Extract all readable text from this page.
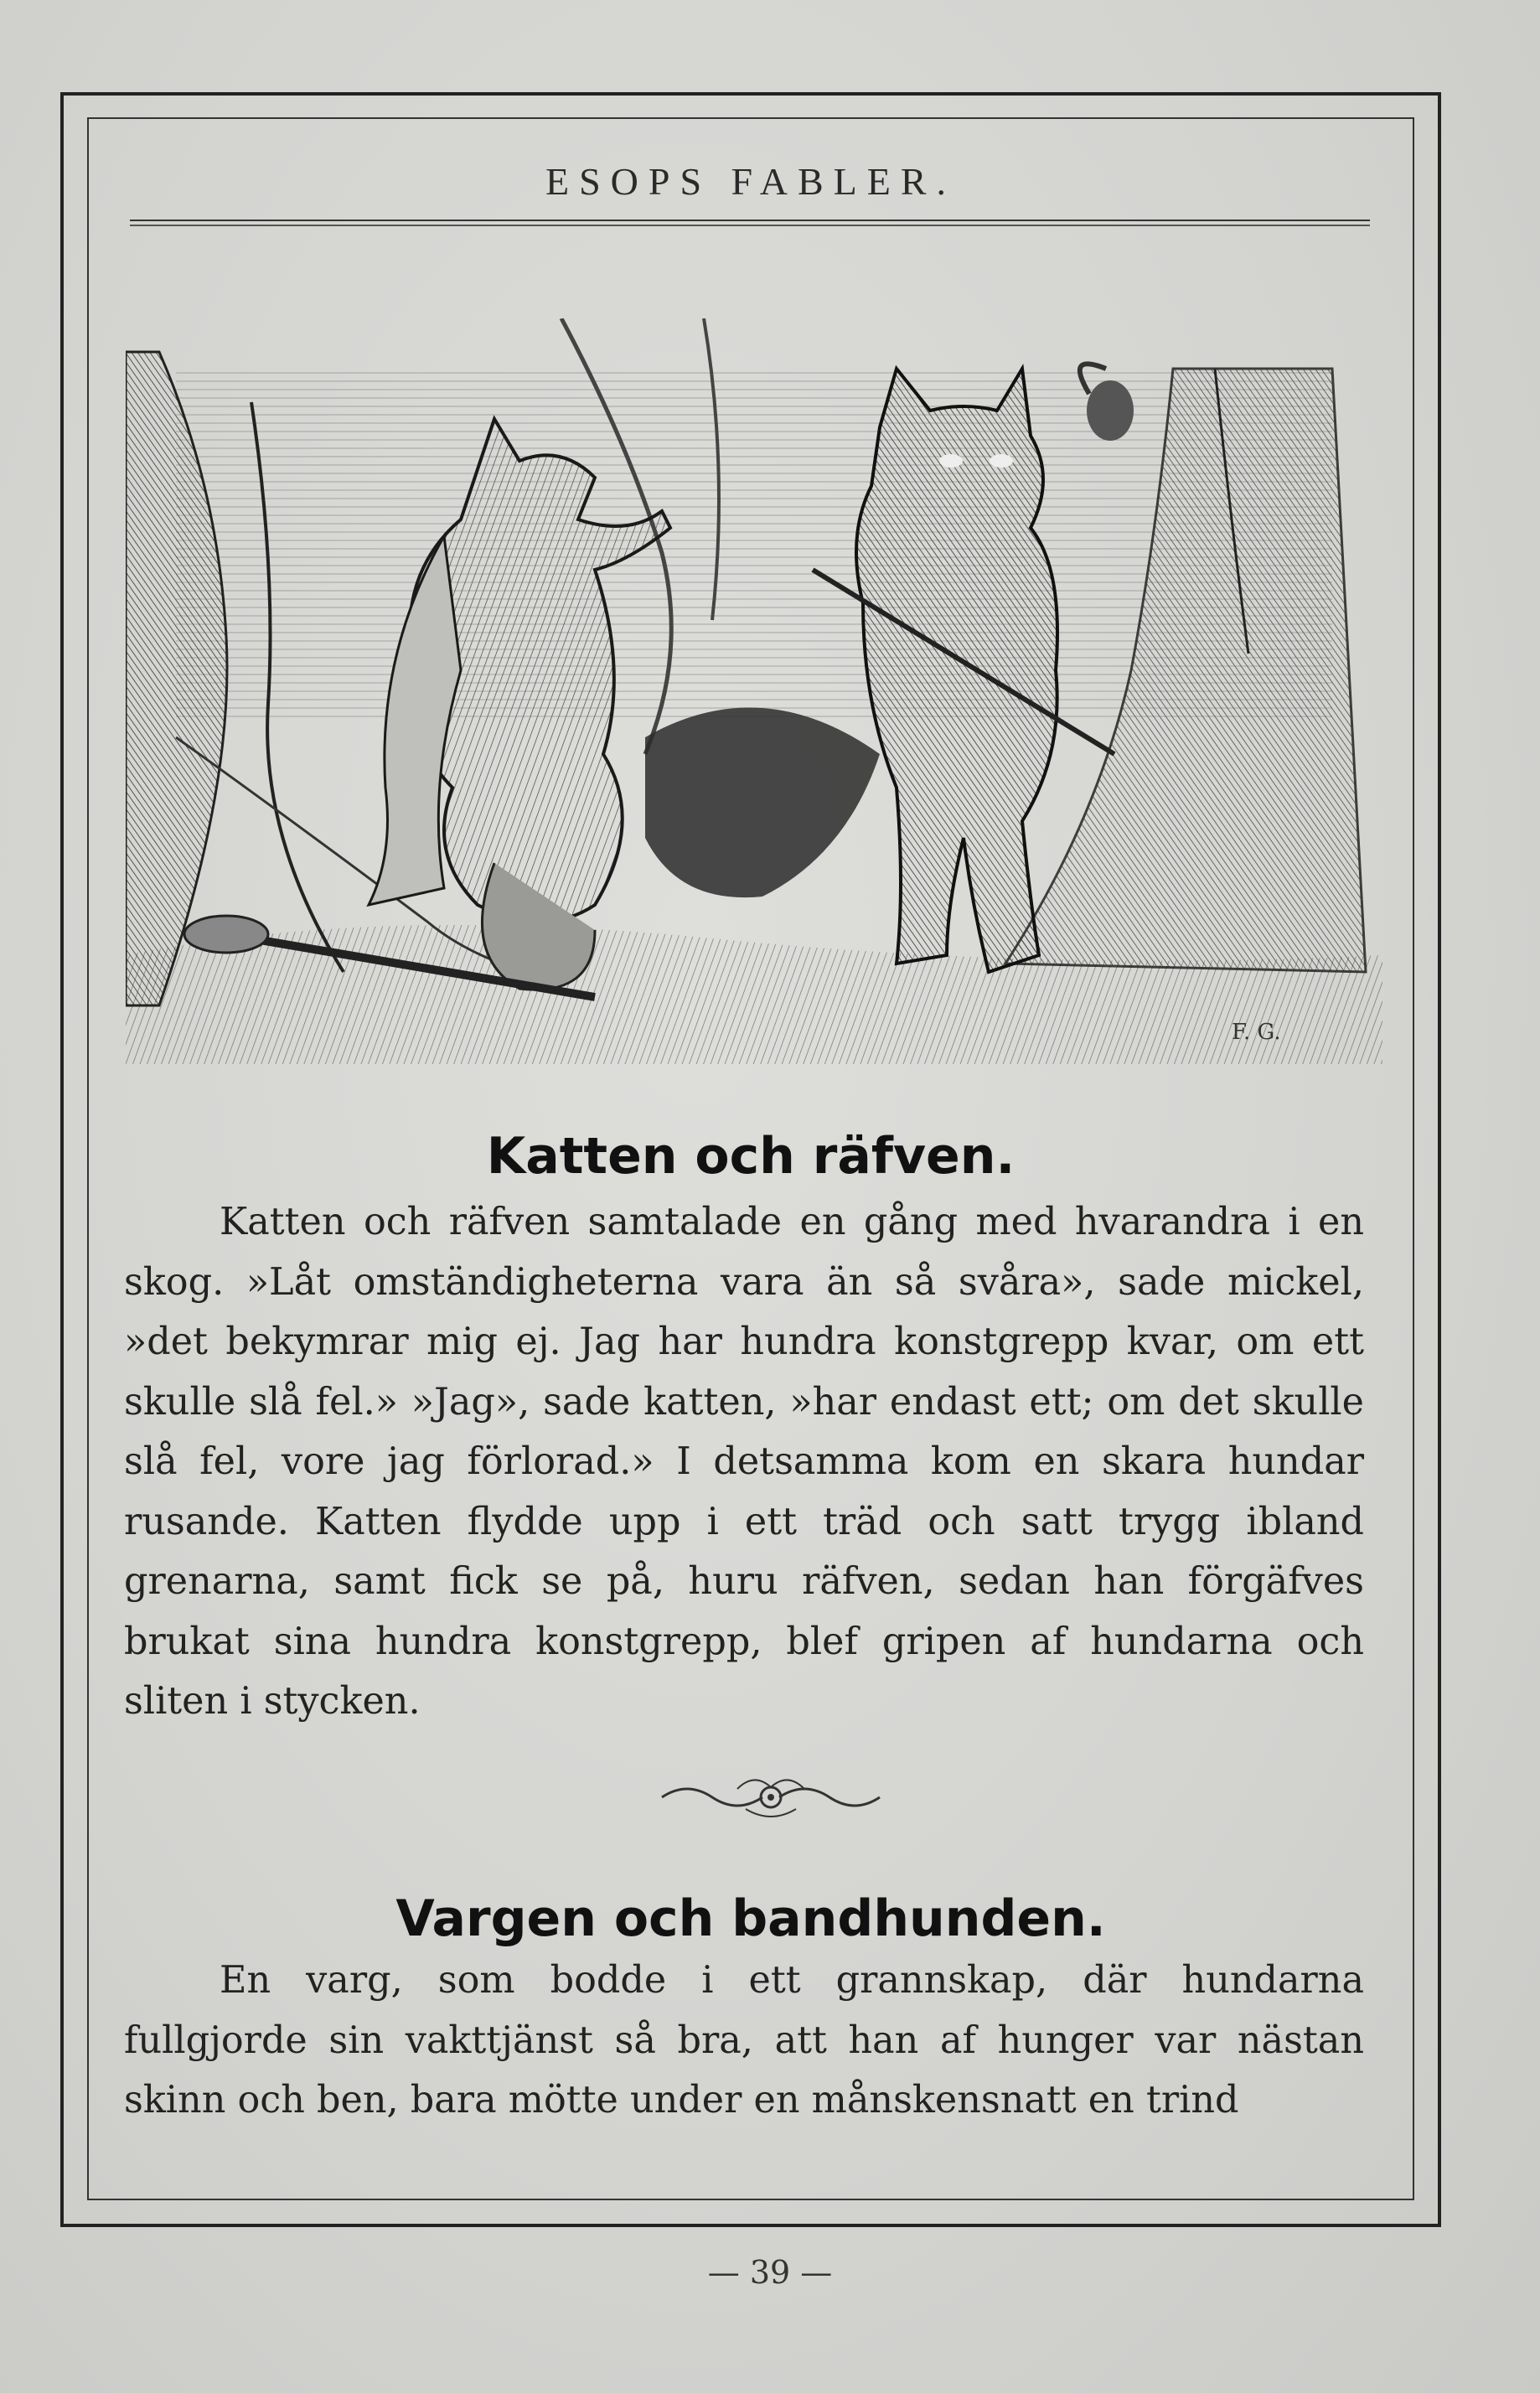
ESOPS FABLER.
F. G.
Katten och räfven.

Katten och räfven samtalade en gång med hvarandra i en skog. »Låt omständigheterna vara än så svåra», sade mickel, »det bekymrar mig ej. Jag har hundra konstgrepp kvar, om ett skulle slå fel.» »Jag», sade katten, »har endast ett; om det skulle slå fel, vore jag förlorad.» I detsamma kom en skara hundar rusande. Katten flydde upp i ett träd och satt trygg ibland grenarna, samt fick se på, huru räfven, sedan han förgäfves brukat sina hundra konstgrepp, blef gripen af hundarna och sliten i stycken.

Vargen och bandhunden.

En varg, som bodde i ett grannskap, där hundarna fullgjorde sin vakttjänst så bra, att han af hunger var nästan skinn och ben, bara mötte under en månskensnatt en trind

— 39 —
